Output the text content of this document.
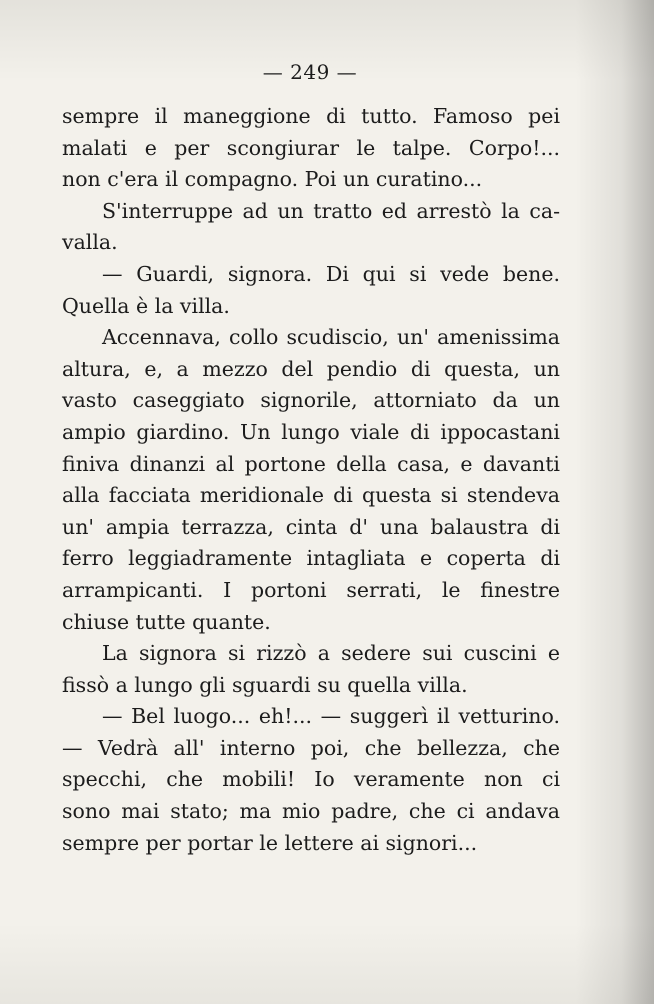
— 249 —
sempre il maneggione di tutto. Famoso pei
malati e per scongiurar le talpe. Corpo!...
non c'era il compagno. Poi un curatino...
S'interruppe ad un tratto ed arrestò la ca-
valla.
— Guardi, signora. Di qui si vede bene.
Quella è la villa.
Accennava, collo scudiscio, un' amenissima
altura, e, a mezzo del pendio di questa, un
vasto caseggiato signorile, attorniato da un
ampio giardino. Un lungo viale di ippocastani
finiva dinanzi al portone della casa, e davanti
alla facciata meridionale di questa si stendeva
un' ampia terrazza, cinta d' una balaustra di
ferro leggiadramente intagliata e coperta di
arrampicanti. I portoni serrati, le finestre
chiuse tutte quante.
La signora si rizzò a sedere sui cuscini e
fissò a lungo gli sguardi su quella villa.
— Bel luogo... eh!... — suggerì il vetturino.
— Vedrà all' interno poi, che bellezza, che
specchi, che mobili! Io veramente non ci
sono mai stato; ma mio padre, che ci andava
sempre per portar le lettere ai signori...
